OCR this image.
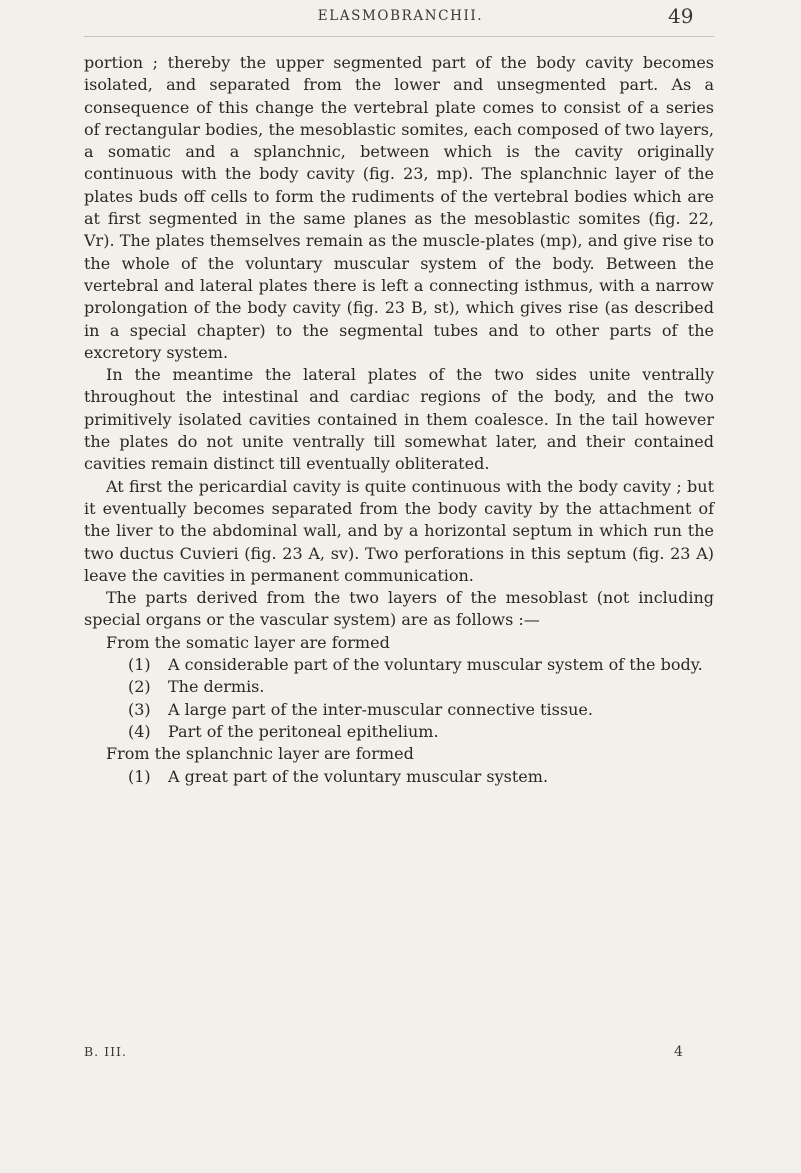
ELASMOBRANCHII.	49

portion ; thereby the upper segmented part of the body cavity becomes isolated, and separated from the lower and unsegmented part. As a consequence of this change the vertebral plate comes to consist of a series of rectangular bodies, the mesoblastic somites, each composed of two layers, a somatic and a splanchnic, between which is the cavity originally continuous with the body cavity (fig. 23, mp). The splanchnic layer of the plates buds off cells to form the rudiments of the vertebral bodies which are at first segmented in the same planes as the mesoblastic somites (fig. 22, Vr). The plates themselves remain as the muscle-plates (mp), and give rise to the whole of the voluntary muscular system of the body. Between the vertebral and lateral plates there is left a connecting isthmus, with a narrow prolongation of the body cavity (fig. 23 B, st), which gives rise (as described in a special chapter) to the segmental tubes and to other parts of the excretory system.

In the meantime the lateral plates of the two sides unite ventrally throughout the intestinal and cardiac regions of the body, and the two primitively isolated cavities contained in them coalesce. In the tail however the plates do not unite ventrally till somewhat later, and their contained cavities remain distinct till eventually obliterated.

At first the pericardial cavity is quite continuous with the body cavity ; but it eventually becomes separated from the body cavity by the attachment of the liver to the abdominal wall, and by a horizontal septum in which run the two ductus Cuvieri (fig. 23 A, sv). Two perforations in this septum (fig. 23 A) leave the cavities in permanent communication.

The parts derived from the two layers of the mesoblast (not including special organs or the vascular system) are as follows :—

From the somatic layer are formed

(1) A considerable part of the voluntary muscular system of the body.

(2) The dermis.

(3) A large part of the inter-muscular connective tissue.

(4) Part of the peritoneal epithelium.

From the splanchnic layer are formed

(1) A great part of the voluntary muscular system.

B. III.	4
